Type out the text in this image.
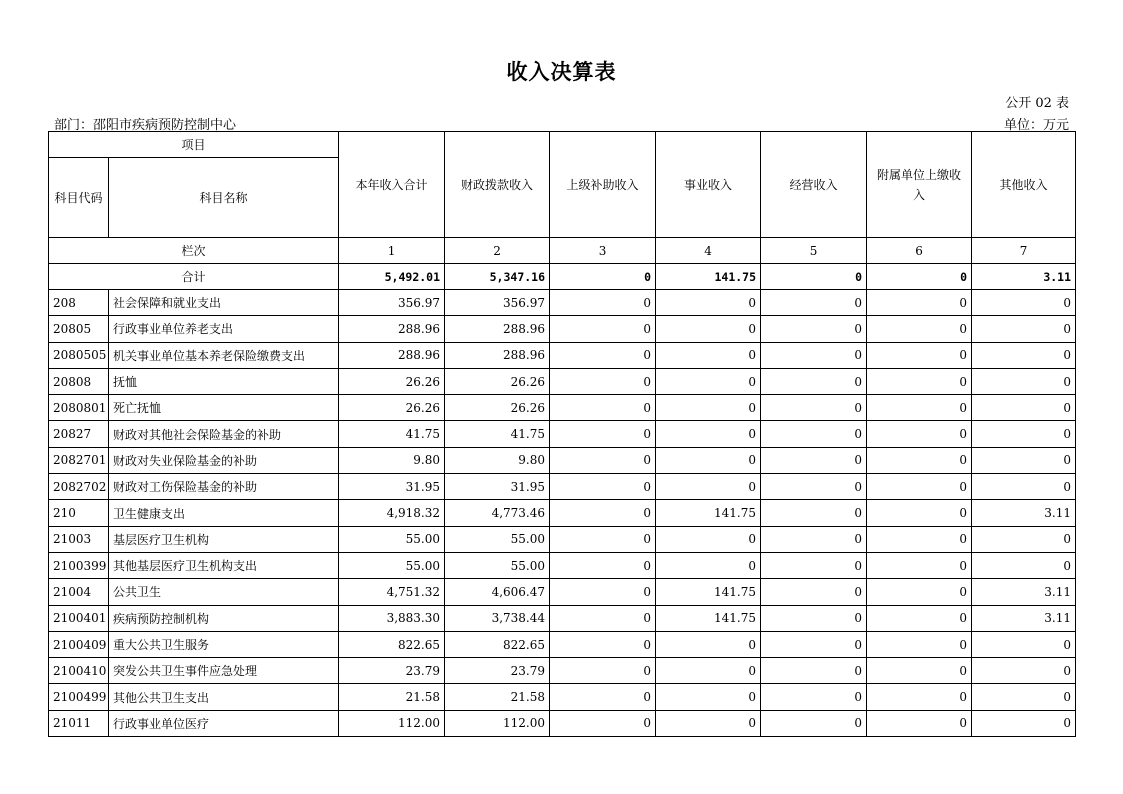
收入决算表
公开 02 表
部门：邵阳市疾病预防控制中心	单位：万元
项目		本年收入合计	财政拨款收入	上级补助收入	事业收入	经营收入	附属单位上缴收入	其他收入
科目代码	科目名称							
栏次		1	2	3	4	5	6	7
合计		5,492.01	5,347.16	0	141.75	0	0	3.11
208	社会保障和就业支出	356.97	356.97	0	0	0	0	0
20805	行政事业单位养老支出	288.96	288.96	0	0	0	0	0
2080505	机关事业单位基本养老保险缴费支出	288.96	288.96	0	0	0	0	0
20808	抚恤	26.26	26.26	0	0	0	0	0
2080801	死亡抚恤	26.26	26.26	0	0	0	0	0
20827	财政对其他社会保险基金的补助	41.75	41.75	0	0	0	0	0
2082701	财政对失业保险基金的补助	9.80	9.80	0	0	0	0	0
2082702	财政对工伤保险基金的补助	31.95	31.95	0	0	0	0	0
210	卫生健康支出	4,918.32	4,773.46	0	141.75	0	0	3.11
21003	基层医疗卫生机构	55.00	55.00	0	0	0	0	0
2100399	其他基层医疗卫生机构支出	55.00	55.00	0	0	0	0	0
21004	公共卫生	4,751.32	4,606.47	0	141.75	0	0	3.11
2100401	疾病预防控制机构	3,883.30	3,738.44	0	141.75	0	0	3.11
2100409	重大公共卫生服务	822.65	822.65	0	0	0	0	0
2100410	突发公共卫生事件应急处理	23.79	23.79	0	0	0	0	0
2100499	其他公共卫生支出	21.58	21.58	0	0	0	0	0
21011	行政事业单位医疗	112.00	112.00	0	0	0	0	0
